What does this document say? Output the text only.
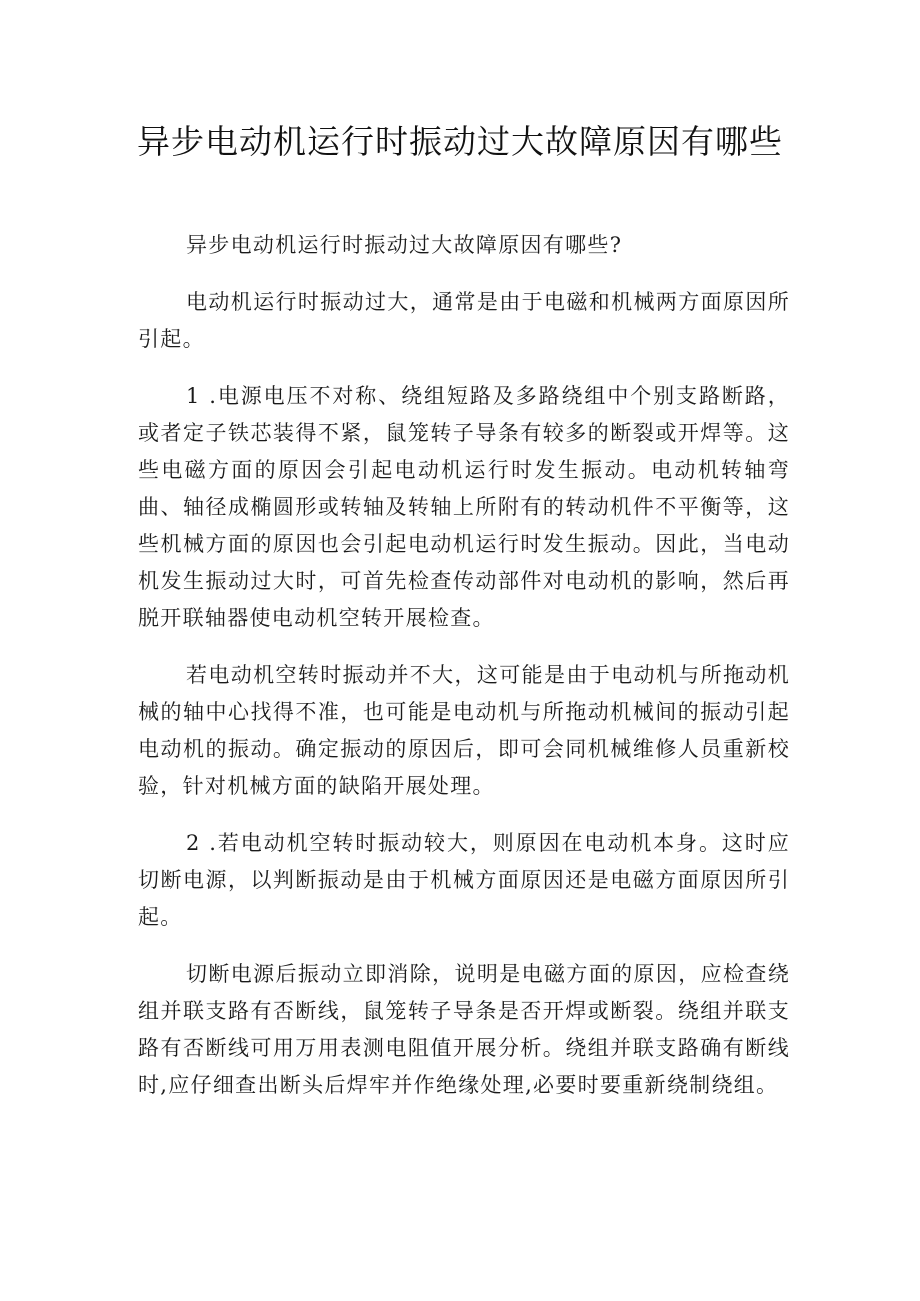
异步电动机运行时振动过大故障原因有哪些

异步电动机运行时振动过大故障原因有哪些?

电动机运行时振动过大，通常是由于电磁和机械两方面原因所引起。

1 .电源电压不对称、绕组短路及多路绕组中个别支路断路，或者定子铁芯装得不紧，鼠笼转子导条有较多的断裂或开焊等。这些电磁方面的原因会引起电动机运行时发生振动。电动机转轴弯曲、轴径成椭圆形或转轴及转轴上所附有的转动机件不平衡等，这些机械方面的原因也会引起电动机运行时发生振动。因此，当电动机发生振动过大时，可首先检查传动部件对电动机的影响，然后再脱开联轴器使电动机空转开展检查。

若电动机空转时振动并不大，这可能是由于电动机与所拖动机械的轴中心找得不准，也可能是电动机与所拖动机械间的振动引起电动机的振动。确定振动的原因后，即可会同机械维修人员重新校验，针对机械方面的缺陷开展处理。

2 .若电动机空转时振动较大，则原因在电动机本身。这时应切断电源，以判断振动是由于机械方面原因还是电磁方面原因所引起。

切断电源后振动立即消除，说明是电磁方面的原因，应检查绕组并联支路有否断线，鼠笼转子导条是否开焊或断裂。绕组并联支路有否断线可用万用表测电阻值开展分析。绕组并联支路确有断线时,应仔细查出断头后焊牢并作绝缘处理,必要时要重新绕制绕组。
